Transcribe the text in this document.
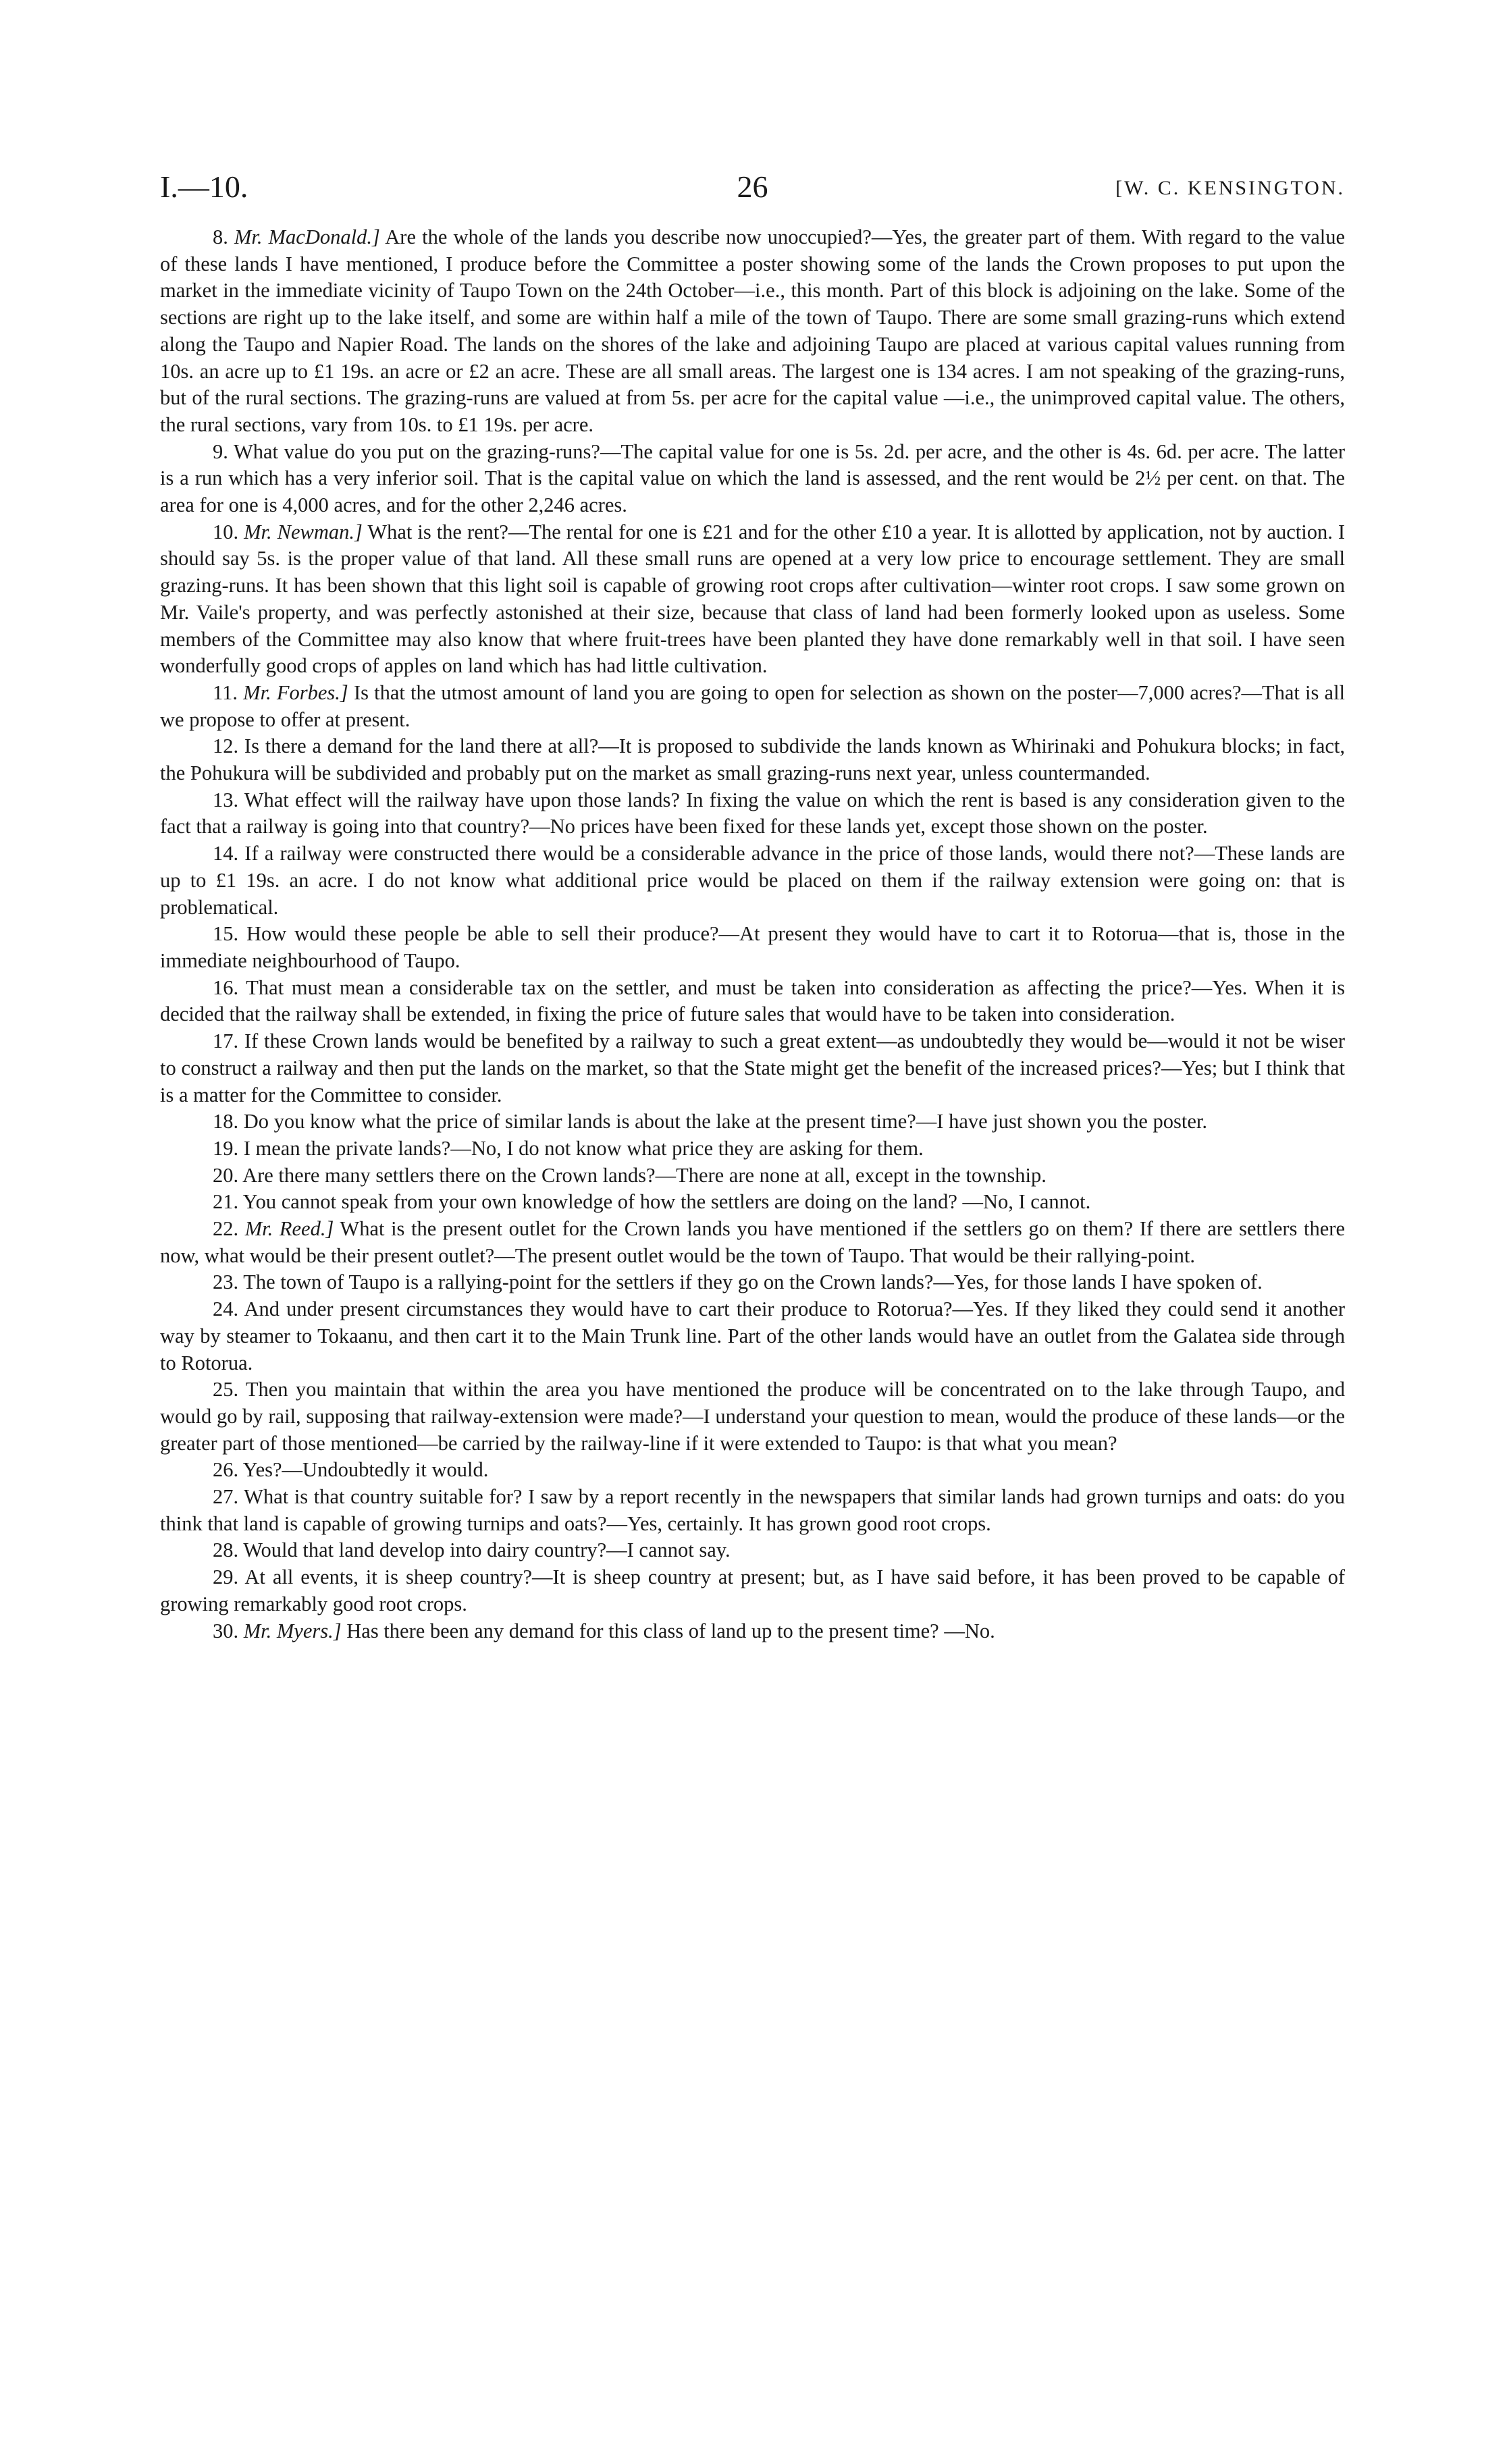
I.—10.	26	[W. C. KENSINGTON.

8. Mr. MacDonald.] Are the whole of the lands you describe now unoccupied?—Yes, the greater part of them. With regard to the value of these lands I have mentioned, I produce before the Committee a poster showing some of the lands the Crown proposes to put upon the market in the immediate vicinity of Taupo Town on the 24th October—i.e., this month. Part of this block is adjoining on the lake. Some of the sections are right up to the lake itself, and some are within half a mile of the town of Taupo. There are some small grazing-runs which extend along the Taupo and Napier Road. The lands on the shores of the lake and adjoining Taupo are placed at various capital values running from 10s. an acre up to £1 19s. an acre or £2 an acre. These are all small areas. The largest one is 134 acres. I am not speaking of the grazing-runs, but of the rural sections. The grazing-runs are valued at from 5s. per acre for the capital value —i.e., the unimproved capital value. The others, the rural sections, vary from 10s. to £1 19s. per acre.

9. What value do you put on the grazing-runs?—The capital value for one is 5s. 2d. per acre, and the other is 4s. 6d. per acre. The latter is a run which has a very inferior soil. That is the capital value on which the land is assessed, and the rent would be 2½ per cent. on that. The area for one is 4,000 acres, and for the other 2,246 acres.

10. Mr. Newman.] What is the rent?—The rental for one is £21 and for the other £10 a year. It is allotted by application, not by auction. I should say 5s. is the proper value of that land. All these small runs are opened at a very low price to encourage settlement. They are small grazing-runs. It has been shown that this light soil is capable of growing root crops after cultivation—winter root crops. I saw some grown on Mr. Vaile's property, and was perfectly astonished at their size, because that class of land had been formerly looked upon as useless. Some members of the Committee may also know that where fruit-trees have been planted they have done remarkably well in that soil. I have seen wonderfully good crops of apples on land which has had little cultivation.

11. Mr. Forbes.] Is that the utmost amount of land you are going to open for selection as shown on the poster—7,000 acres?—That is all we propose to offer at present.

12. Is there a demand for the land there at all?—It is proposed to subdivide the lands known as Whirinaki and Pohukura blocks; in fact, the Pohukura will be subdivided and probably put on the market as small grazing-runs next year, unless countermanded.

13. What effect will the railway have upon those lands? In fixing the value on which the rent is based is any consideration given to the fact that a railway is going into that country?—No prices have been fixed for these lands yet, except those shown on the poster.

14. If a railway were constructed there would be a considerable advance in the price of those lands, would there not?—These lands are up to £1 19s. an acre. I do not know what additional price would be placed on them if the railway extension were going on: that is problematical.

15. How would these people be able to sell their produce?—At present they would have to cart it to Rotorua—that is, those in the immediate neighbourhood of Taupo.

16. That must mean a considerable tax on the settler, and must be taken into consideration as affecting the price?—Yes. When it is decided that the railway shall be extended, in fixing the price of future sales that would have to be taken into consideration.

17. If these Crown lands would be benefited by a railway to such a great extent—as undoubtedly they would be—would it not be wiser to construct a railway and then put the lands on the market, so that the State might get the benefit of the increased prices?—Yes; but I think that is a matter for the Committee to consider.

18. Do you know what the price of similar lands is about the lake at the present time?—I have just shown you the poster.

19. I mean the private lands?—No, I do not know what price they are asking for them.

20. Are there many settlers there on the Crown lands?—There are none at all, except in the township.

21. You cannot speak from your own knowledge of how the settlers are doing on the land? —No, I cannot.

22. Mr. Reed.] What is the present outlet for the Crown lands you have mentioned if the settlers go on them? If there are settlers there now, what would be their present outlet?—The present outlet would be the town of Taupo. That would be their rallying-point.

23. The town of Taupo is a rallying-point for the settlers if they go on the Crown lands?—Yes, for those lands I have spoken of.

24. And under present circumstances they would have to cart their produce to Rotorua?—Yes. If they liked they could send it another way by steamer to Tokaanu, and then cart it to the Main Trunk line. Part of the other lands would have an outlet from the Galatea side through to Rotorua.

25. Then you maintain that within the area you have mentioned the produce will be concentrated on to the lake through Taupo, and would go by rail, supposing that railway-extension were made?—I understand your question to mean, would the produce of these lands—or the greater part of those mentioned—be carried by the railway-line if it were extended to Taupo: is that what you mean?

26. Yes?—Undoubtedly it would.

27. What is that country suitable for? I saw by a report recently in the newspapers that similar lands had grown turnips and oats: do you think that land is capable of growing turnips and oats?—Yes, certainly. It has grown good root crops.

28. Would that land develop into dairy country?—I cannot say.

29. At all events, it is sheep country?—It is sheep country at present; but, as I have said before, it has been proved to be capable of growing remarkably good root crops.

30. Mr. Myers.] Has there been any demand for this class of land up to the present time? —No.
